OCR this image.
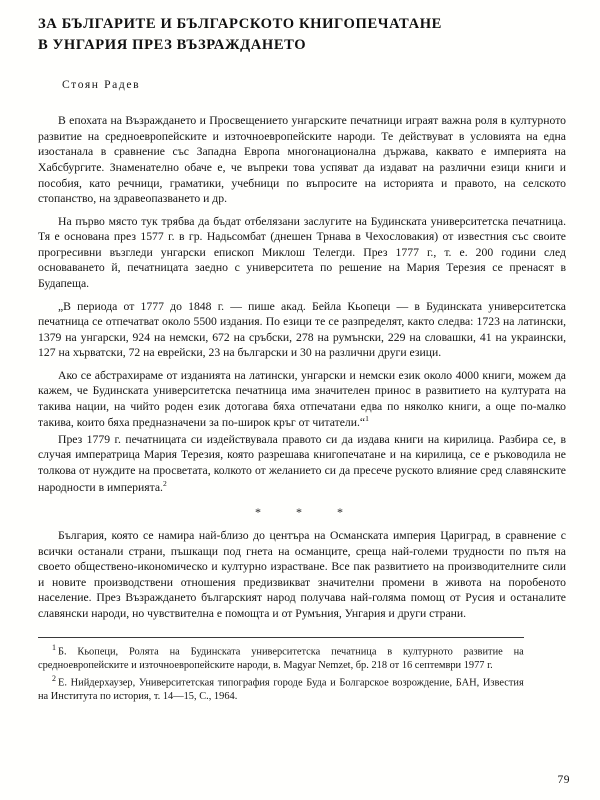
ЗА БЪЛГАРИТЕ И БЪЛГАРСКОТО КНИГОПЕЧАТАНЕ
В УНГАРИЯ ПРЕЗ ВЪЗРАЖДАНЕТО
Стоян Радев

В епохата на Възраждането и Просвещението унгарските печатници играят важна роля в културното развитие на средноевропейските и източноевропейските народи. Те действуват в условията на една изостанала в сравнение със Западна Европа многонационална държава, каквато е империята на Хабсбургите. Знаменателно обаче е, че въпреки това успяват да издават на различни езици книги и пособия, като речници, граматики, учебници по въпросите на историята и правото, на селското стопанство, на здравеопазването и др.

На първо място тук трябва да бъдат отбелязани заслугите на Будинската университетска печатница. Тя е основана през 1577 г. в гр. Надьсомбат (днешен Трнава в Чехословакия) от известния със своите прогресивни възгледи унгарски епископ Миклош Телегди. През 1777 г., т. е. 200 години след основаването й, печатницата заедно с университета по решение на Мария Терезия се пренасят в Будапеща.

„В периода от 1777 до 1848 г. — пише акад. Бейла Кьопеци — в Будинската университетска печатница се отпечатват около 5500 издания. По езици те се разпределят, както следва: 1723 на латински, 1379 на унгарски, 924 на немски, 672 на сръбски, 278 на румънски, 229 на словашки, 41 на украински, 127 на хърватски, 72 на еврейски, 23 на български и 30 на различни други езици.

Ако се абстрахираме от изданията на латински, унгарски и немски език около 4000 книги, можем да кажем, че Будинската университетска печатница има значителен принос в развитието на културата на такива нации, на чийто роден език дотогава бяха отпечатани едва по няколко книги, а още по-малко такива, които бяха предназначени за по-широк кръг от читатели.“$^1$

През 1779 г. печатницата си издействувала правото си да издава книги на кирилица. Разбира се, в случая императрица Мария Терезия, която разрешава книгопечатане и на кирилица, се е ръководила не толкова от нуждите на просветата, колкото от желанието си да пресече руското влияние сред славянските народности в империята.$^2$

* * *

България, която се намира най-близо до центъра на Османската империя Цариград, в сравнение с всички останали страни, пъшкащи под гнета на османците, среща най-големи трудности по пътя на своето обществено-икономическо и културно израстване. Все пак развитието на производителните сили и новите производствени отношения предизвикват значителни промени в живота на поробеното население. През Възраждането българският народ получава най-голяма помощ от Русия и останалите славянски народи, но чувствителна е помощта и от Румъния, Унгария и други страни.

$^1$ Б. Кьопеци, Ролята на Будинската университетска печатница в културното развитие на средноевропейските и източноевропейските народи, в. Magyar Nemzet, бр. 218 от 16 септември 1977 г.

$^2$ Е. Нийдерхаузер, Университетская типография городе Буда и Болгарское возрождение, БАН, Известия на Института по история, т. 14—15, С., 1964.

79
